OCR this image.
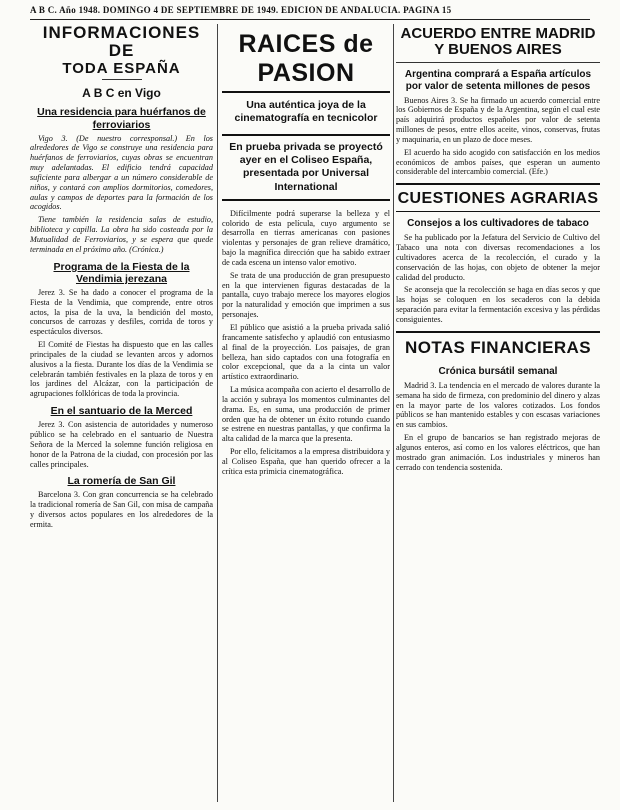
A B C. Año 1948. DOMINGO 4 DE SEPTIEMBRE DE 1949. EDICION DE ANDALUCIA. PAGINA 15
INFORMACIONES DE
TODA ESPAÑA
A B C en Vigo
Una residencia para huérfanos de ferroviarios

Vigo 3. (De nuestro corresponsal.) En los alrededores de Vigo se construye una residencia para huérfanos de ferroviarios, cuyas obras se encuentran muy adelantadas. El edificio tendrá capacidad suficiente para albergar a un número considerable de niños, y contará con amplios dormitorios, comedores, aulas y campos de deportes para la formación de los acogidos.

Tiene también la residencia salas de estudio, biblioteca y capilla. La obra ha sido costeada por la Mutualidad de Ferroviarios, y se espera que quede terminada en el próximo año. (Crónica.)

Programa de la Fiesta de la Vendimia jerezana

Jerez 3. Se ha dado a conocer el programa de la Fiesta de la Vendimia, que comprende, entre otros actos, la pisa de la uva, la bendición del mosto, concursos de carrozas y desfiles, corrida de toros y espectáculos diversos.

El Comité de Fiestas ha dispuesto que en las calles principales de la ciudad se levanten arcos y adornos alusivos a la fiesta. Durante los días de la Vendimia se celebrarán también festivales en la plaza de toros y en los jardines del Alcázar, con la participación de agrupaciones folklóricas de toda la provincia.

En el santuario de la Merced

Jerez 3. Con asistencia de autoridades y numeroso público se ha celebrado en el santuario de Nuestra Señora de la Merced la solemne función religiosa en honor de la Patrona de la ciudad, con procesión por las calles principales.

La romería de San Gil

Barcelona 3. Con gran concurrencia se ha celebrado la tradicional romería de San Gil, con misa de campaña y diversos actos populares en los alrededores de la ermita.

RAICES de PASION
Una auténtica joya de la cinematografía en tecnicolor
En prueba privada se proyectó ayer en el Coliseo España, presentada por Universal International

Difícilmente podrá superarse la belleza y el colorido de esta película, cuyo argumento se desarrolla en tierras americanas con pasiones violentas y personajes de gran relieve dramático, bajo la magnífica dirección que ha sabido extraer de cada escena un intenso valor emotivo.

Se trata de una producción de gran presupuesto en la que intervienen figuras destacadas de la pantalla, cuyo trabajo merece los mayores elogios por la naturalidad y emoción que imprimen a sus personajes.

El público que asistió a la prueba privada salió francamente satisfecho y aplaudió con entusiasmo al final de la proyección. Los paisajes, de gran belleza, han sido captados con una fotografía en color excepcional, que da a la cinta un valor artístico extraordinario.

La música acompaña con acierto el desarrollo de la acción y subraya los momentos culminantes del drama. Es, en suma, una producción de primer orden que ha de obtener un éxito rotundo cuando se estrene en nuestras pantallas, y que confirma la alta calidad de la marca que la presenta.

Por ello, felicitamos a la empresa distribuidora y al Coliseo España, que han querido ofrecer a la crítica esta primicia cinematográfica.

ACUERDO ENTRE MADRID Y BUENOS AIRES
Argentina comprará a España artículos por valor de setenta millones de pesos

Buenos Aires 3. Se ha firmado un acuerdo comercial entre los Gobiernos de España y de la Argentina, según el cual este país adquirirá productos españoles por valor de setenta millones de pesos, entre ellos aceite, vinos, conservas, frutas y maquinaria, en un plazo de doce meses.

El acuerdo ha sido acogido con satisfacción en los medios económicos de ambos países, que esperan un aumento considerable del intercambio comercial. (Efe.)

CUESTIONES AGRARIAS
Consejos a los cultivadores de tabaco

Se ha publicado por la Jefatura del Servicio de Cultivo del Tabaco una nota con diversas recomendaciones a los cultivadores acerca de la recolección, el curado y la conservación de las hojas, con objeto de obtener la mejor calidad del producto.

Se aconseja que la recolección se haga en días secos y que las hojas se coloquen en los secaderos con la debida separación para evitar la fermentación excesiva y las pérdidas consiguientes.

NOTAS FINANCIERAS
Crónica bursátil semanal

Madrid 3. La tendencia en el mercado de valores durante la semana ha sido de firmeza, con predominio del dinero y alzas en la mayor parte de los valores cotizados. Los fondos públicos se han mantenido estables y con escasas variaciones en sus cambios.

En el grupo de bancarios se han registrado mejoras de algunos enteros, así como en los valores eléctricos, que han mostrado gran animación. Los industriales y mineros han cerrado con tendencia sostenida.
